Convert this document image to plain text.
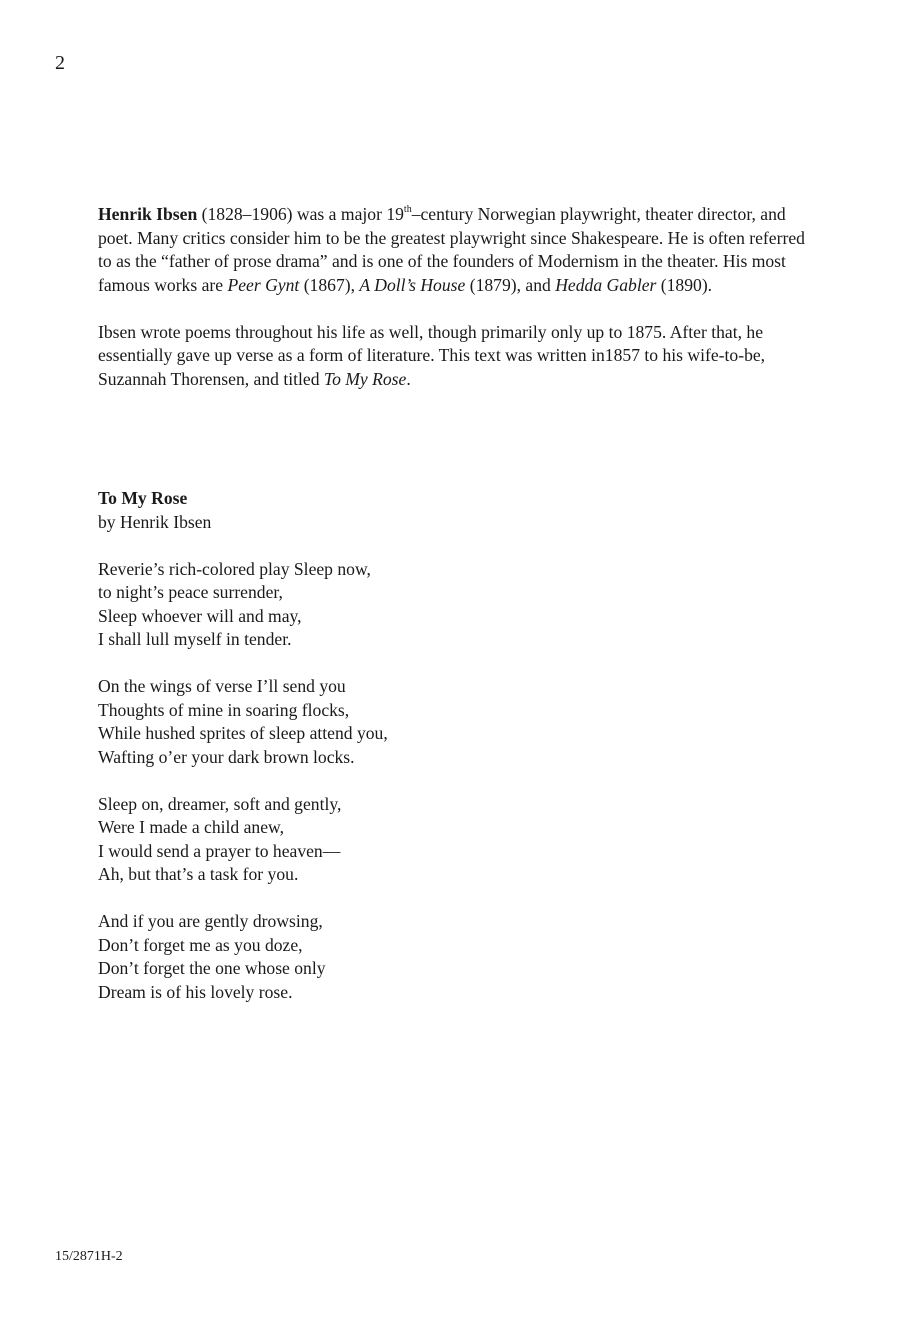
2

Henrik Ibsen (1828–1906) was a major 19th–century Norwegian playwright, theater director, and poet. Many critics consider him to be the greatest playwright since Shakespeare. He is often referred to as the “father of prose drama” and is one of the founders of Modernism in the theater. His most famous works are Peer Gynt (1867), A Doll’s House (1879), and Hedda Gabler (1890).

Ibsen wrote poems throughout his life as well, though primarily only up to 1875. After that, he essentially gave up verse as a form of literature. This text was written in1857 to his wife-to-be, Suzannah Thorensen, and titled To My Rose.

To My Rose

by Henrik Ibsen

Reverie’s rich-colored play Sleep now,
to night’s peace surrender,
Sleep whoever will and may,
I shall lull myself in tender.
On the wings of verse I’ll send you
Thoughts of mine in soaring flocks,
While hushed sprites of sleep attend you,
Wafting o’er your dark brown locks.
Sleep on, dreamer, soft and gently,
Were I made a child anew,
I would send a prayer to heaven—
Ah, but that’s a task for you.
And if you are gently drowsing,
Don’t forget me as you doze,
Don’t forget the one whose only
Dream is of his lovely rose.
15/2871H-2
